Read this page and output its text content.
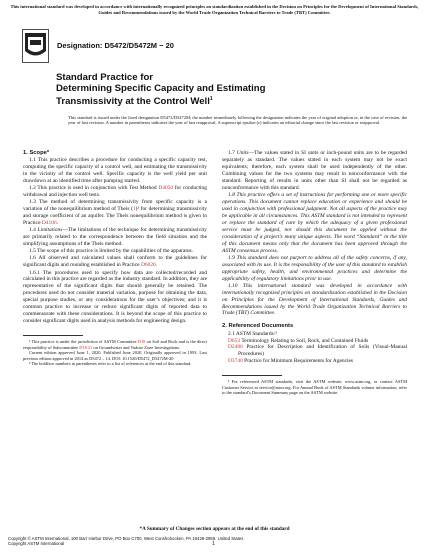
This international standard was developed in accordance with internationally recognized principles on standardization established in the Decision on Principles for the Development of International Standards, Guides and Recommendations issued by the World Trade Organization Technical Barriers to Trade (TBT) Committee.
Designation: D5472/D5472M − 20
Standard Practice for
Determining Specific Capacity and Estimating
Transmissivity at the Control Well$^1$
This standard is issued under the fixed designation D5472/D5472M; the number immediately following the designation indicates the year of original adoption or, in the case of revision, the year of last revision. A number in parentheses indicates the year of last reapproval. A superscript epsilon (ε) indicates an editorial change since the last revision or reapproval.

1. Scope*

1.1 This practice describes a procedure for conducting a specific capacity test, computing the specific capacity of a control well, and estimating the transmissivity in the vicinity of the control well. Specific capacity is the well yield per unit drawdown at an identified time after pumping started.

1.2 This practice is used in conjunction with Test Method D4050 for conducting withdrawal and injection well tests.

1.3 The method of determining transmissivity from specific capacity is a variation of the nonequilibrium method of Theis (1)² for determining transmissivity and storage coefficient of an aquifer. The Theis nonequilibrium method is given in Practice D4106.

1.4 Limitations—The limitations of the technique for determining transmissivity are primarily related to the correspondence between the field situation and the simplifying assumptions of the Theis method.

1.5 The scope of this practice is limited by the capabilities of the apparatus.

1.6 All observed and calculated values shall conform to the guidelines for significant digits and rounding established in Practice D6026.

1.6.1 The procedures used to specify how data are collected/recorded and calculated in this practice are regarded as the industry standard. In addition, they are representative of the significant digits that should generally be retained. The procedures used do not consider material variation, purpose for obtaining the data, special purpose studies, or any considerations for the user’s objectives; and it is common practice to increase or reduce significant digits of reported data to commensurate with these considerations. It is beyond the scope of this practice to consider significant digits used in analysis methods for engineering design.

¹ This practice is under the jurisdiction of ASTM Committee D18 on Soil and Rock and is the direct responsibility of Subcommittee D18.21 on Groundwater and Vadose Zone Investigations.

Current edition approved June 1, 2020. Published June 2020. Originally approved in 1993. Last previous edition approved in 2014 as D5472 – 14. DOI: 10.1520/D5472_D5472M-20

² The boldface numbers in parentheses refer to a list of references at the end of this standard.

1.7 Units—The values stated in SI units or inch-pound units are to be regarded separately as standard. The values stated in each system may not be exact equivalents; therefore, each system shall be used independently of the other. Combining values for the two systems may result in nonconformance with the standard. Reporting of results in units other than SI shall not be regarded as nonconformance with this standard.

1.8 This practice offers a set of instructions for performing one or more specific operations. This document cannot replace education or experience and should be used in conjunction with professional judgment. Not all aspects of the practice may be applicable in all circumstances. This ASTM standard is not intended to represent or replace the standard of care by which the adequacy of a given professional service must be judged, nor should this document be applied without the consideration of a project’s many unique aspects. The word “Standard” in the title of this document means only that the document has been approved through the ASTM consensus process.

1.9 This standard does not purport to address all of the safety concerns, if any, associated with its use. It is the responsibility of the user of this standard to establish appropriate safety, health, and environmental practices and determine the applicability of regulatory limitations prior to use.

1.10 This international standard was developed in accordance with internationally recognized principles on standardization established in the Decision on Principles for the Development of International Standards, Guides and Recommendations issued by the World Trade Organization Technical Barriers to Trade (TBT) Committee.

2. Referenced Documents

2.1 ASTM Standards:³
D653 Terminology Relating to Soil, Rock, and Contained Fluids
D2488 Practice for Description and Identification of Soils (Visual-Manual Procedures)
D3740 Practice for Minimum Requirements for Agencies

³ For referenced ASTM standards, visit the ASTM website, www.astm.org, or contact ASTM Customer Service at service@astm.org. For Annual Book of ASTM Standards volume information, refer to the standard’s Document Summary page on the ASTM website.

*A Summary of Changes section appears at the end of this standard
Copyright © ASTM International, 100 Barr Harbor Drive, PO Box C700, West Conshohocken, PA 19428-2959. United States
Copyright ASTM International	1
